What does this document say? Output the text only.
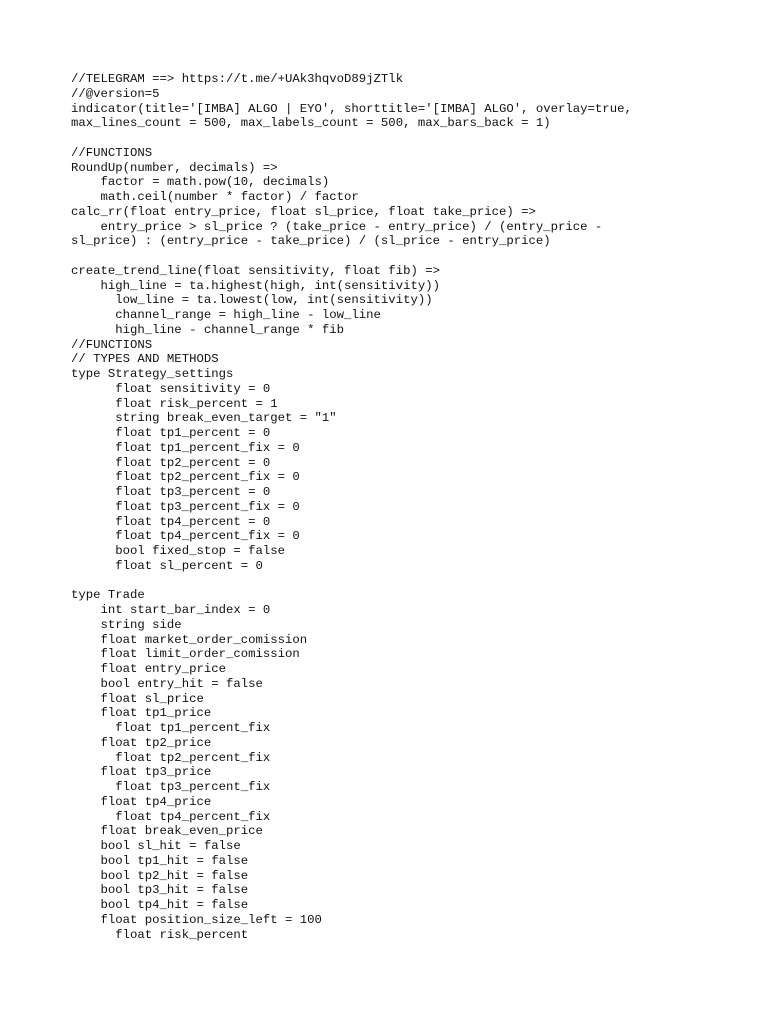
//TELEGRAM ==> https://t.me/+UAk3hqvoD89jZTlk
//@version=5
indicator(title='[IMBA] ALGO | EYO', shorttitle='[IMBA] ALGO', overlay=true,
max_lines_count = 500, max_labels_count = 500, max_bars_back = 1)
//FUNCTIONS
RoundUp(number, decimals) =>
factor = math.pow(10, decimals)
math.ceil(number * factor) / factor
calc_rr(float entry_price, float sl_price, float take_price) =>
entry_price > sl_price ? (take_price - entry_price) / (entry_price -
sl_price) : (entry_price - take_price) / (sl_price - entry_price)
create_trend_line(float sensitivity, float fib) =>
high_line = ta.highest(high, int(sensitivity))
low_line = ta.lowest(low, int(sensitivity))
channel_range = high_line - low_line
high_line - channel_range * fib
//FUNCTIONS
// TYPES AND METHODS
type Strategy_settings
float sensitivity = 0
float risk_percent = 1
string break_even_target = "1"
float tp1_percent = 0
float tp1_percent_fix = 0
float tp2_percent = 0
float tp2_percent_fix = 0
float tp3_percent = 0
float tp3_percent_fix = 0
float tp4_percent = 0
float tp4_percent_fix = 0
bool fixed_stop = false
float sl_percent = 0
type Trade
int start_bar_index = 0
string side
float market_order_comission
float limit_order_comission
float entry_price
bool entry_hit = false
float sl_price
float tp1_price
float tp1_percent_fix
float tp2_price
float tp2_percent_fix
float tp3_price
float tp3_percent_fix
float tp4_price
float tp4_percent_fix
float break_even_price
bool sl_hit = false
bool tp1_hit = false
bool tp2_hit = false
bool tp3_hit = false
bool tp4_hit = false
float position_size_left = 100
float risk_percent
